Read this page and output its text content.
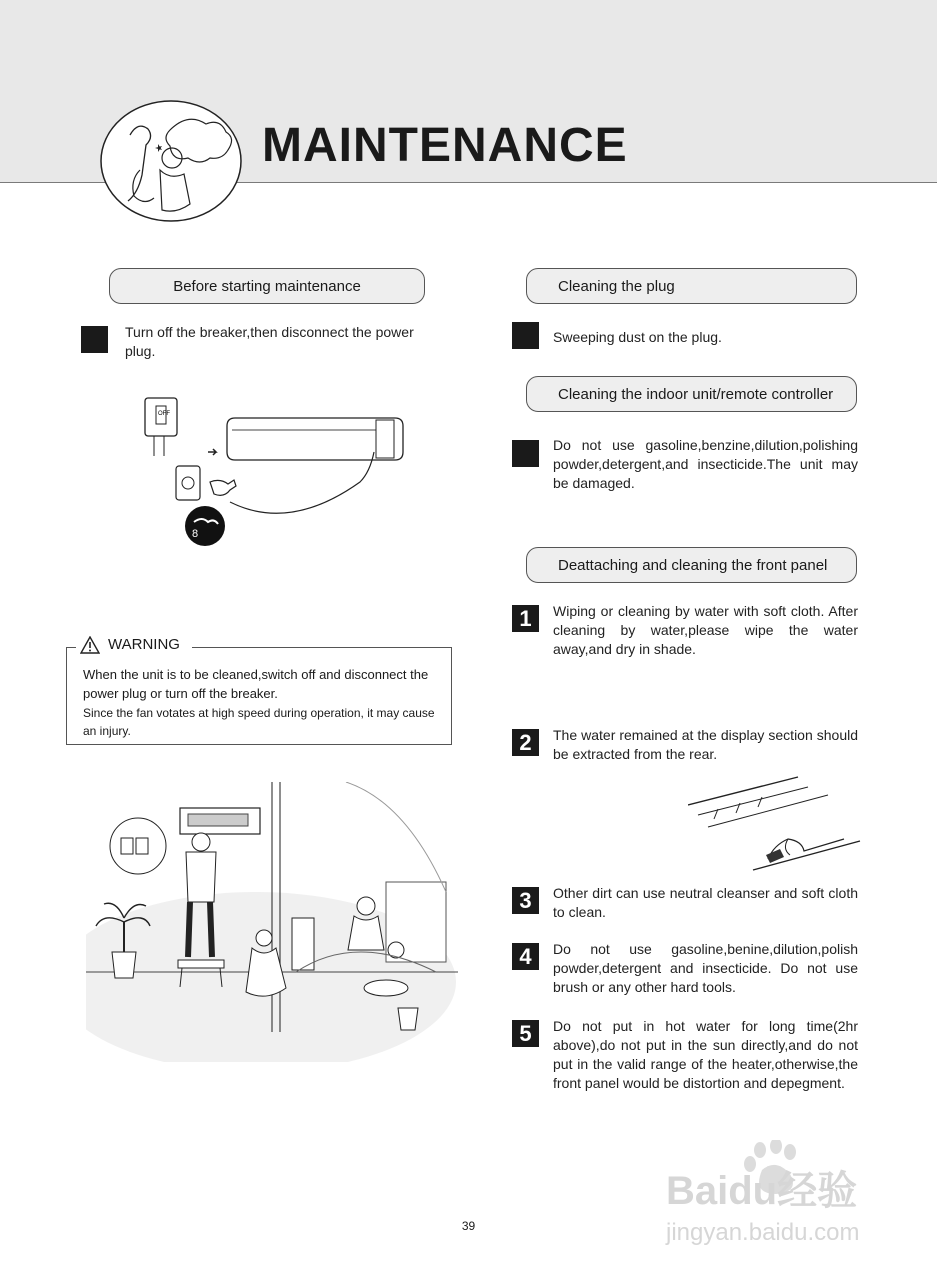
MAINTENANCE
Before starting maintenance
Turn off the breaker,then disconnect the power plug.
OFF
8
WARNING
When the unit is to be cleaned,switch off and disconnect the power plug or turn off the breaker.
Since the fan votates at high speed during operation, it may cause an injury.
Cleaning the plug
Sweeping dust on the plug.
Cleaning the indoor unit/remote controller
Do not use gasoline,benzine,dilution,polishing powder,detergent,and insecticide.The unit may be damaged.
Deattaching and cleaning the front panel
1	Wiping or cleaning by water with soft cloth. After cleaning by water,please wipe the water away,and dry in shade.
2	The water remained at the display section should be extracted from the rear.
3	Other dirt can use neutral cleanser and soft cloth to clean.
4	Do not use gasoline,benine,dilution,polish powder,detergent and insecticide. Do not use brush or any other hard tools.
5	Do not put in hot water for long time(2hr above),do not put in the sun directly,and do not put in the valid range of the heater,otherwise,the front panel would be distortion and depegment.
39
Baidu经验
jingyan.baidu.com
